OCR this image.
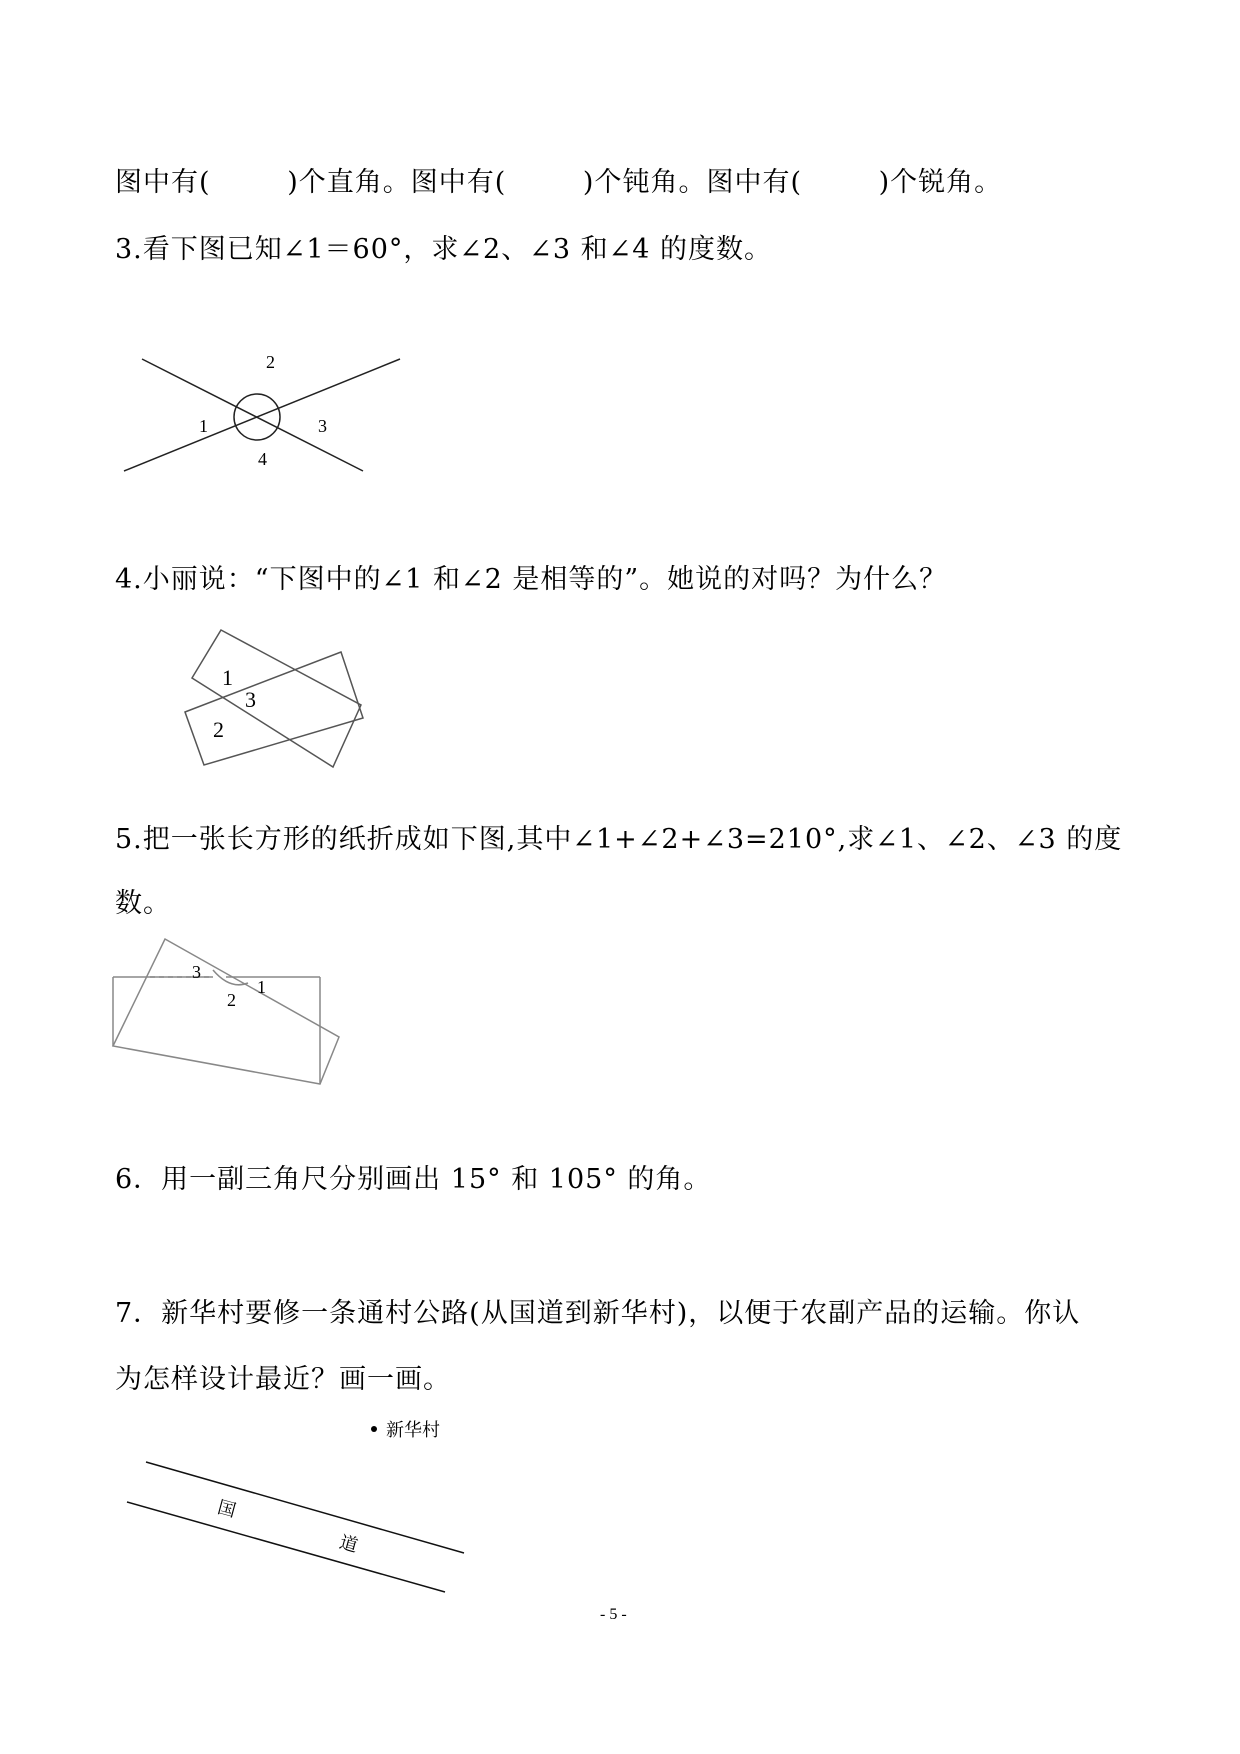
图中有(        )个直角。图中有(        )个钝角。图中有(        )个锐角。
3.看下图已知∠1＝60°，求∠2、∠3 和∠4 的度数。
2
1	3
4
4.小丽说：“下图中的∠1 和∠2 是相等的”。她说的对吗？为什么？
1
3
2
5.把一张长方形的纸折成如下图,其中∠1+∠2+∠3=210°,求∠1、∠2、∠3 的度
数。
3
1
2
6．用一副三角尺分别画出 15° 和 105° 的角。
7．新华村要修一条通村公路(从国道到新华村)，以便于农副产品的运输。你认
为怎样设计最近？画一画。
新华村
国
道
- 5 -
